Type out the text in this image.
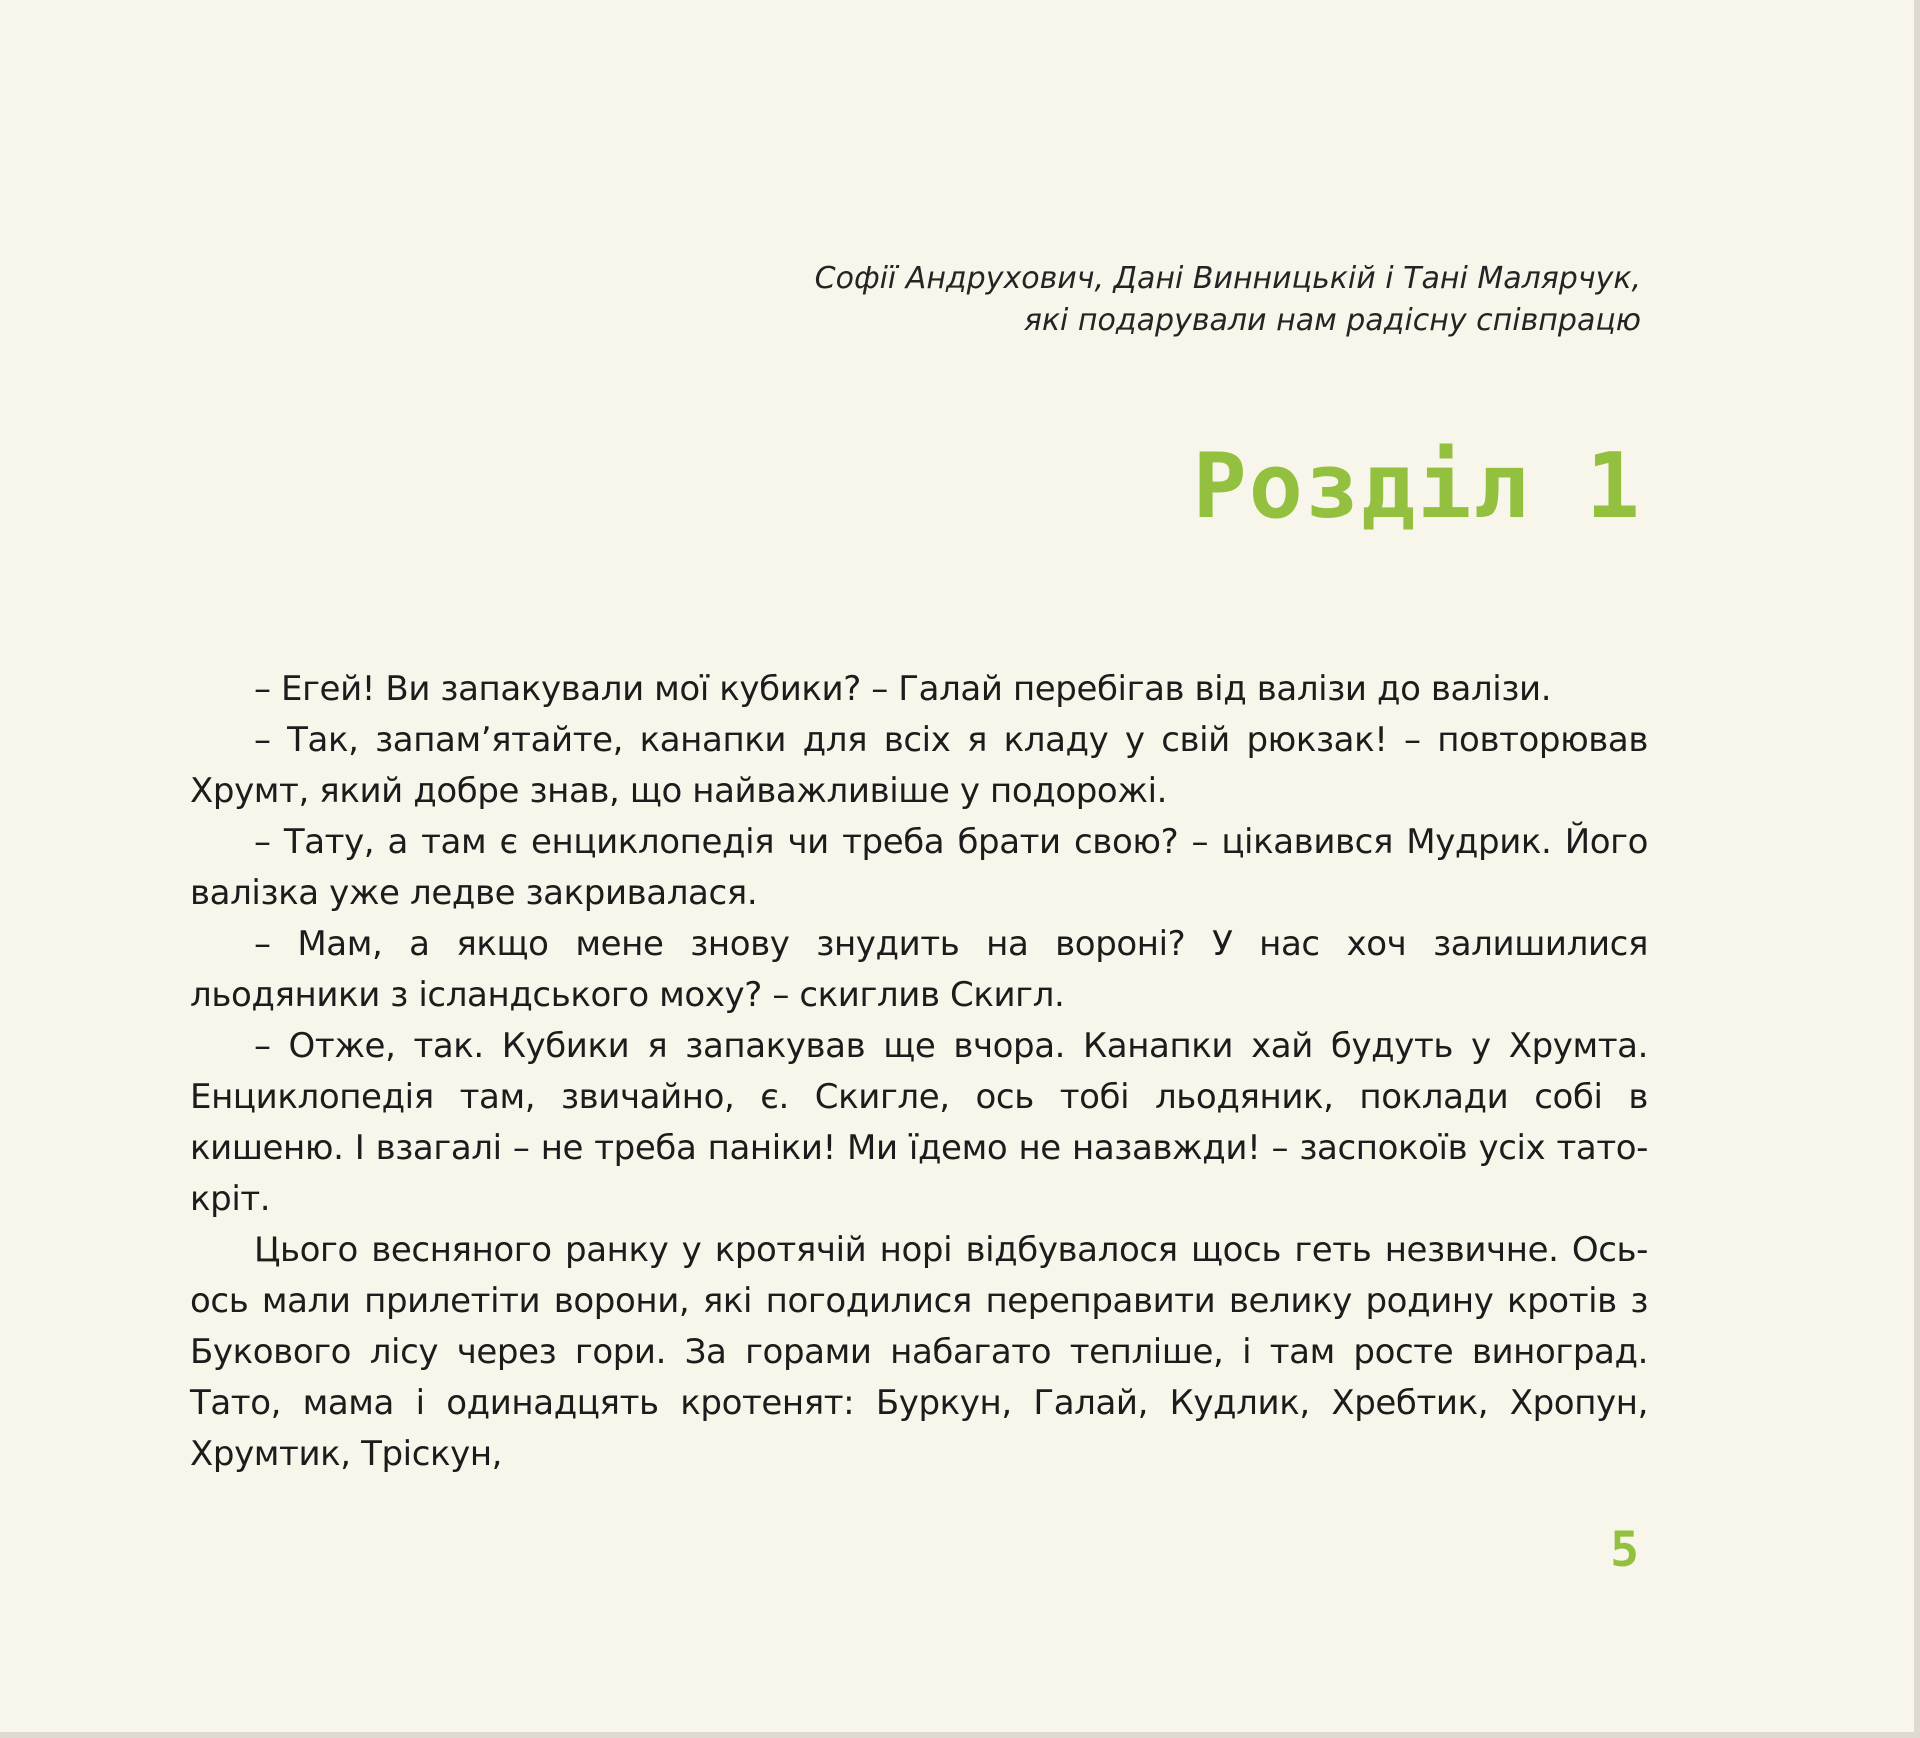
Софії Андрухович, Дані Винницькій і Тані Малярчук,
які подарували нам радісну співпрацю
Розділ 1

– Егей! Ви запакували мої кубики? – Галай перебігав від валізи до валізи.

– Так, запам’ятайте, канапки для всіх я кладу у свій рюкзак! – повторював Хрумт, який добре знав, що найважливіше у подорожі.

– Тату, а там є енциклопедія чи треба брати свою? – цікавився Мудрик. Його валізка уже ледве закривалася.

– Мам, а якщо мене знову знудить на вороні? У нас хоч залишилися льодяники з ісландського моху? – скиглив Скигл.

– Отже, так. Кубики я запакував ще вчора. Канапки хай будуть у Хрумта. Енциклопедія там, звичайно, є. Скигле, ось тобі льодяник, поклади собі в кишеню. І взагалі – не треба паніки! Ми їдемо не назавжди! – заспокоїв усіх тато-кріт.

Цього весняного ранку у кротячій норі відбувалося щось геть незвичне. Ось-ось мали прилетіти ворони, які погодилися переправити велику родину кротів з Букового лісу через гори. За горами набагато тепліше, і там росте виноград. Тато, мама і одинадцять кротенят: Буркун, Галай, Кудлик, Хребтик, Хропун, Хрумтик, Тріскун,

5
